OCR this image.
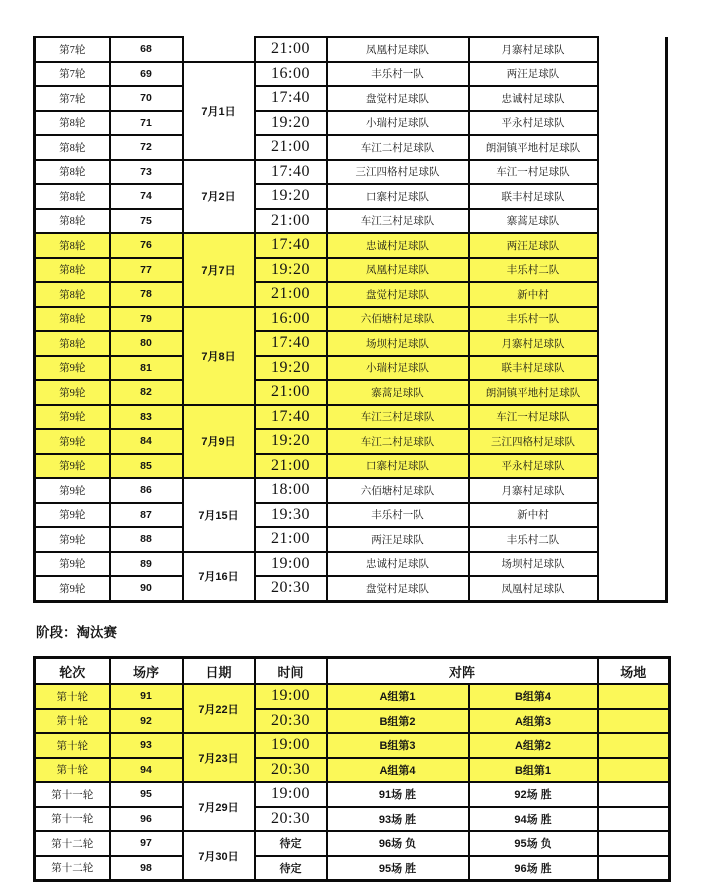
第7轮	68		21:00	凤凰村足球队	月寨村足球队	
第7轮	69	7月1日	16:00	丰乐村一队	两汪足球队	
第7轮	70		17:40	盘觉村足球队	忠诚村足球队	
第8轮	71		19:20	小瑞村足球队	平永村足球队	
第8轮	72		21:00	车江二村足球队	朗洞镇平地村足球队	
第8轮	73	7月2日	17:40	三江四格村足球队	车江一村足球队	
第8轮	74		19:20	口寨村足球队	联丰村足球队	
第8轮	75		21:00	车江三村足球队	寨蒿足球队	
第8轮	76	7月7日	17:40	忠诚村足球队	两汪足球队	
第8轮	77		19:20	凤凰村足球队	丰乐村二队	
第8轮	78		21:00	盘觉村足球队	新中村	
第8轮	79	7月8日	16:00	六佰塘村足球队	丰乐村一队	
第8轮	80		17:40	场坝村足球队	月寨村足球队	
第9轮	81		19:20	小瑞村足球队	联丰村足球队	
第9轮	82		21:00	寨蒿足球队	朗洞镇平地村足球队	
第9轮	83	7月9日	17:40	车江三村足球队	车江一村足球队	
第9轮	84		19:20	车江二村足球队	三江四格村足球队	
第9轮	85		21:00	口寨村足球队	平永村足球队	
第9轮	86	7月15日	18:00	六佰塘村足球队	月寨村足球队	
第9轮	87		19:30	丰乐村一队	新中村	
第9轮	88		21:00	两汪足球队	丰乐村二队	
第9轮	89	7月16日	19:00	忠诚村足球队	场坝村足球队	
第9轮	90		20:30	盘觉村足球队	凤凰村足球队	
阶段：淘汰赛
轮次	场序	日期	时间	对阵		场地
第十轮	91	7月22日	19:00	A组第1	B组第4	
第十轮	92		20:30	B组第2	A组第3	
第十轮	93	7月23日	19:00	B组第3	A组第2	
第十轮	94		20:30	A组第4	B组第1	
第十一轮	95	7月29日	19:00	91场 胜	92场 胜	
第十一轮	96		20:30	93场 胜	94场 胜	
第十二轮	97	7月30日	待定	96场 负	95场 负	
第十二轮	98		待定	95场 胜	96场 胜	
